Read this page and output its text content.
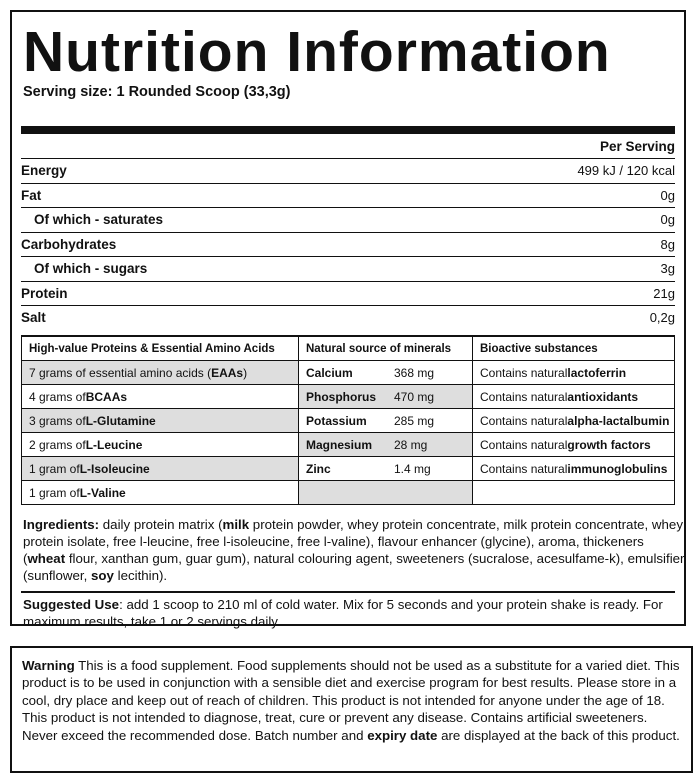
Nutrition Information
Serving size: 1 Rounded Scoop (33,3g)
Per Serving
Energy	499 kJ / 120 kcal
Fat	0g
Of which - saturates	0g
Carbohydrates	8g
Of which - sugars	3g
Protein	21g
Salt	0,2g
High-value Proteins & Essential Amino Acids	Natural source of minerals	Bioactive substances
7 grams of essential amino acids ( EAAs )	Calcium	368 mg	Contains natural lactoferrin
4 grams of BCAAs	Phosphorus	470 mg	Contains natural antioxidants
3 grams of L-Glutamine	Potassium	285 mg	Contains natural alpha-lactalbumin
2 grams of L-Leucine	Magnesium	28 mg	Contains natural growth factors
1 gram of L-Isoleucine	Zinc	1.4 mg	Contains natural immunoglobulins
1 gram of L-Valine
Ingredients: daily protein matrix (milk protein powder, whey protein concentrate, milk protein concentrate, whey protein isolate, free l-leucine, free l-isoleucine, free l-valine), flavour enhancer (glycine), aroma, thickeners (wheat flour, xanthan gum, guar gum), natural colouring agent, sweeteners (sucralose, acesulfame-k), emulsifier (sunflower, soy lecithin).
Suggested Use: add 1 scoop to 210 ml of cold water. Mix for 5 seconds and your protein shake is ready. For maximum results, take 1 or 2 servings daily.
Warning This is a food supplement. Food supplements should not be used as a substitute for a varied diet. This product is to be used in conjunction with a sensible diet and exercise program for best results. Please store in a cool, dry place and keep out of reach of children. This product is not intended for anyone under the age of 18. This product is not intended to diagnose, treat, cure or prevent any disease. Contains artificial sweeteners. Never exceed the recommended dose. Batch number and expiry date are displayed at the back of this product.
